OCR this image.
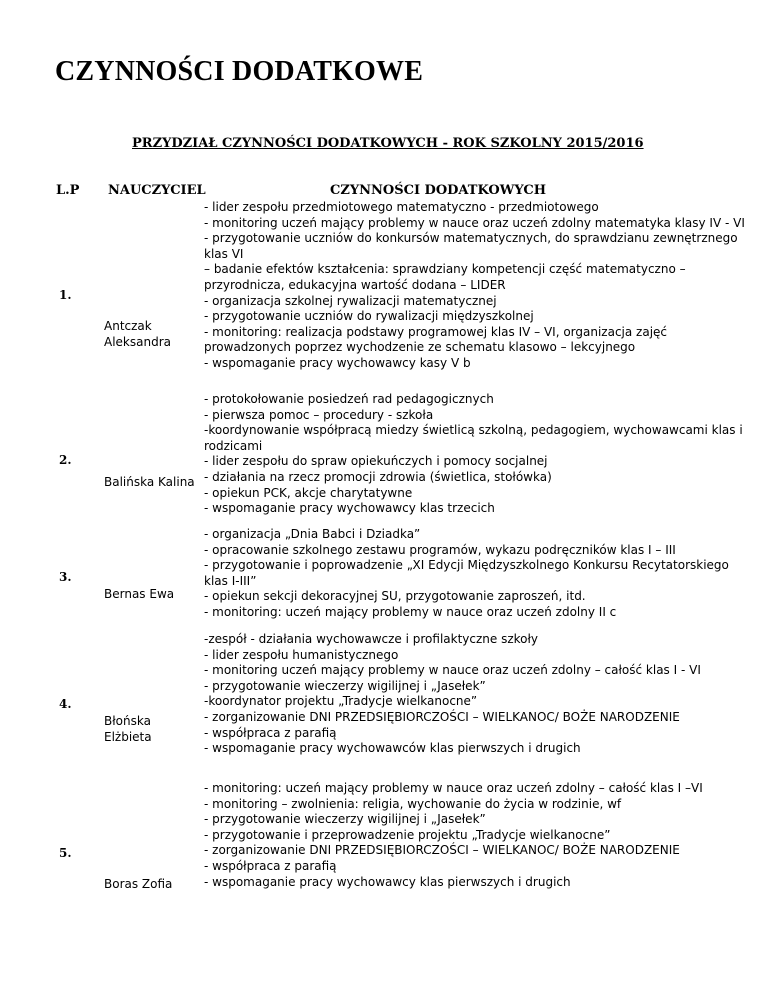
CZYNNOŚCI DODATKOWE
PRZYDZIAŁ CZYNNOŚCI DODATKOWYCH - ROK SZKOLNY 2015/2016
L.P NAUCZYCIEL	CZYNNOŚCI DODATKOWYCH
- lider zespołu przedmiotowego matematyczno - przedmiotowego
- monitoring uczeń mający problemy w nauce oraz uczeń zdolny matematyka klasy IV - VI
- przygotowanie uczniów do konkursów matematycznych, do sprawdzianu zewnętrznego klas VI
– badanie efektów kształcenia: sprawdziany kompetencji część matematyczno – przyrodnicza, edukacyjna wartość dodana – LIDER
- organizacja szkolnej rywalizacji matematycznej
- przygotowanie uczniów do rywalizacji międzyszkolnej
- monitoring: realizacja podstawy programowej klas IV – VI, organizacja zajęć prowadzonych poprzez wychodzenie ze schematu klasowo – lekcyjnego
- wspomaganie pracy wychowawcy kasy V b
1.
Antczak
Aleksandra
- protokołowanie posiedzeń rad pedagogicznych
- pierwsza pomoc – procedury - szkoła
-koordynowanie współpracą miedzy świetlicą szkolną, pedagogiem, wychowawcami klas i rodzicami
- lider zespołu do spraw opiekuńczych i pomocy socjalnej
- działania na rzecz promocji zdrowia (świetlica, stołówka)
- opiekun PCK, akcje charytatywne
- wspomaganie pracy wychowawcy klas trzecich
2.
Balińska Kalina
- organizacja „Dnia Babci i Dziadka”
- opracowanie szkolnego zestawu programów, wykazu podręczników klas I – III
- przygotowanie i poprowadzenie „XI Edycji Międzyszkolnego Konkursu Recytatorskiego klas I-III”
- opiekun sekcji dekoracyjnej SU, przygotowanie zaproszeń, itd.
- monitoring: uczeń mający problemy w nauce oraz uczeń zdolny II c
3.
Bernas Ewa
-zespół - działania wychowawcze i profilaktyczne szkoły
- lider zespołu humanistycznego
- monitoring uczeń mający problemy w nauce oraz uczeń zdolny – całość klas I - VI
- przygotowanie wieczerzy wigilijnej i „Jasełek”
-koordynator projektu „Tradycje wielkanocne”
- zorganizowanie DNI PRZEDSIĘBIORCZOŚCI – WIELKANOC/ BOŻE NARODZENIE
- współpraca z parafią
- wspomaganie pracy wychowawców klas pierwszych i drugich
4.
Błońska
Elżbieta
- monitoring: uczeń mający problemy w nauce oraz uczeń zdolny – całość klas I –VI
- monitoring – zwolnienia: religia, wychowanie do życia w rodzinie, wf
- przygotowanie wieczerzy wigilijnej i „Jasełek”
- przygotowanie i przeprowadzenie projektu „Tradycje wielkanocne”
- zorganizowanie DNI PRZEDSIĘBIORCZOŚCI – WIELKANOC/ BOŻE NARODZENIE
- współpraca z parafią
- wspomaganie pracy wychowawcy klas pierwszych i drugich
5.
Boras Zofia
